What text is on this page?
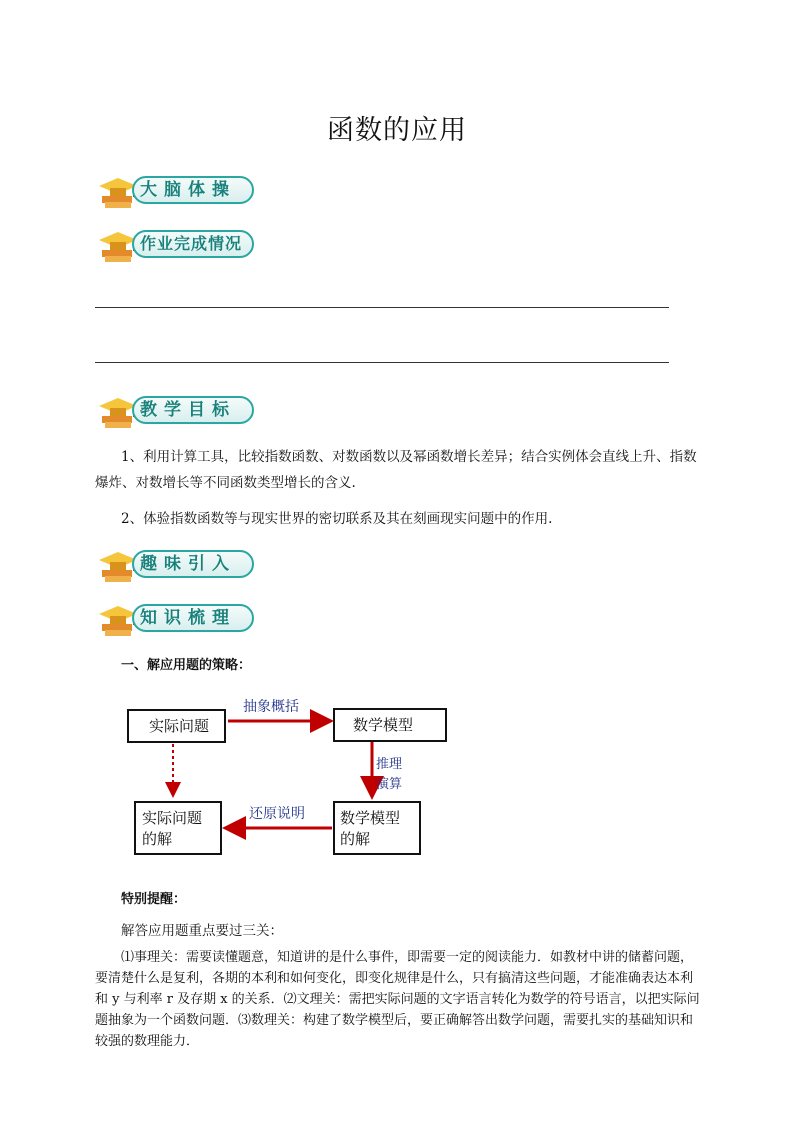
函数的应用
大脑体操
作业完成情况
教学目标
1、利用计算工具，比较指数函数、对数函数以及幂函数增长差异；结合实例体会直线上升、指数爆炸、对数增长等不同函数类型增长的含义.
2、体验指数函数等与现实世界的密切联系及其在刻画现实问题中的作用.
趣味引入
知识梳理
一、解应用题的策略：
实际问题	数学模型
实际问题
的解
数学模型
的解
抽象概括
推理
演算
还原说明
特别提醒：
解答应用题重点要过三关：
⑴事理关：需要读懂题意，知道讲的是什么事件，即需要一定的阅读能力．如教材中讲的储蓄问题，要清楚什么是复利，各期的本利和如何变化，即变化规律是什么，只有搞清这些问题，才能准确表达本利和 y 与利率 r 及存期 x 的关系．⑵文理关：需把实际问题的文字语言转化为数学的符号语言，以把实际问题抽象为一个函数问题．⑶数理关：构建了数学模型后，要正确解答出数学问题，需要扎实的基础知识和较强的数理能力．
